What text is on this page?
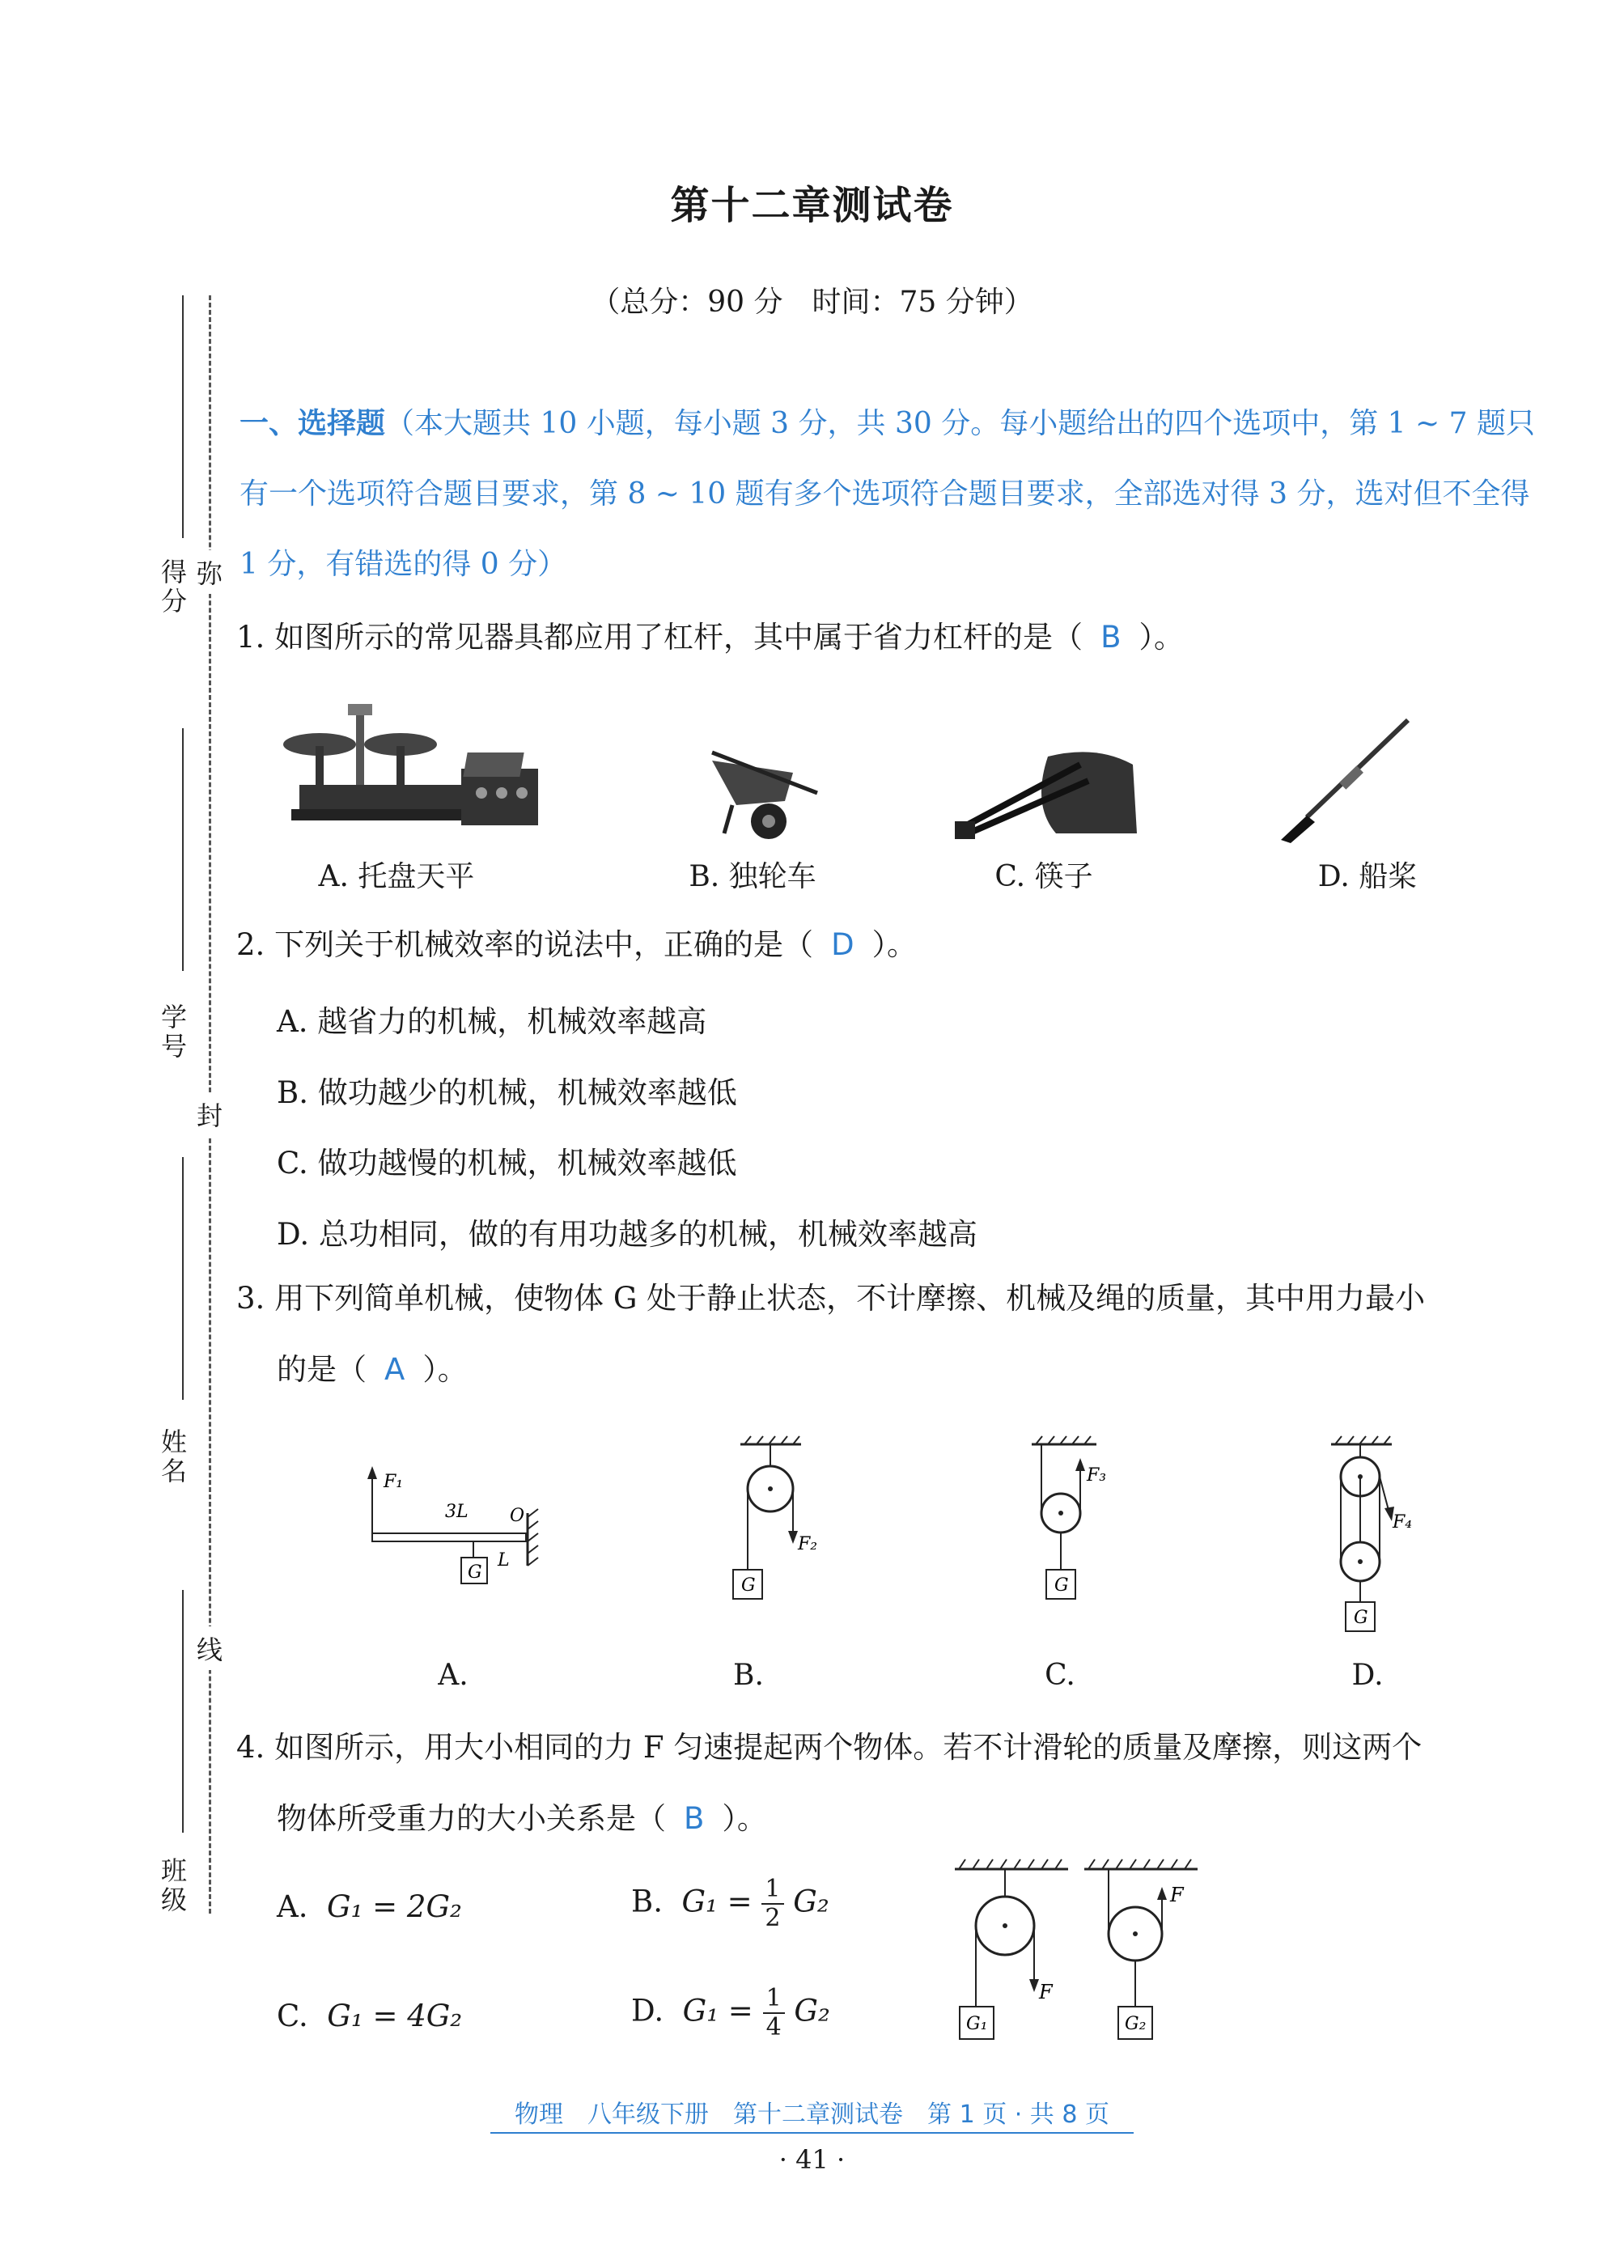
第十二章测试卷
（总分：90 分　时间：75 分钟）
得分
学号
姓名
班级
弥
封
线
一、选择题（本大题共 10 小题，每小题 3 分，共 30 分。每小题给出的四个选项中，第 1 ~ 7 题只有一个选项符合题目要求，第 8 ~ 10 题有多个选项符合题目要求，全部选对得 3 分，选对但不全得 1 分，有错选的得 0 分）
1. 如图所示的常见器具都应用了杠杆，其中属于省力杠杆的是（ B ）。
A. 托盘天平	B. 独轮车	C. 筷子	D. 船桨
2. 下列关于机械效率的说法中，正确的是（ D ）。
A. 越省力的机械，机械效率越高
B. 做功越少的机械，机械效率越低
C. 做功越慢的机械，机械效率越低
D. 总功相同，做的有用功越多的机械，机械效率越高
3. 用下列简单机械，使物体 G 处于静止状态，不计摩擦、机械及绳的质量，其中用力最小
的是（ A ）。
F₁
3L O
G
L
F₂
G
F₃
G
F₄
G
A.	B.	C.	D.
4. 如图所示，用大小相同的力 F 匀速提起两个物体。若不计滑轮的质量及摩擦，则这两个
物体所受重力的大小关系是（ B ）。
A. G₁ = 2G₂	B. $G_1 = \frac{1}{2} G_2$
C. G₁ = 4G₂	D. $G_1 = \frac{1}{4} G_2$
F
G₁
F
G₂
物理　八年级下册　第十二章测试卷　第 1 页 · 共 8 页
· 41 ·
